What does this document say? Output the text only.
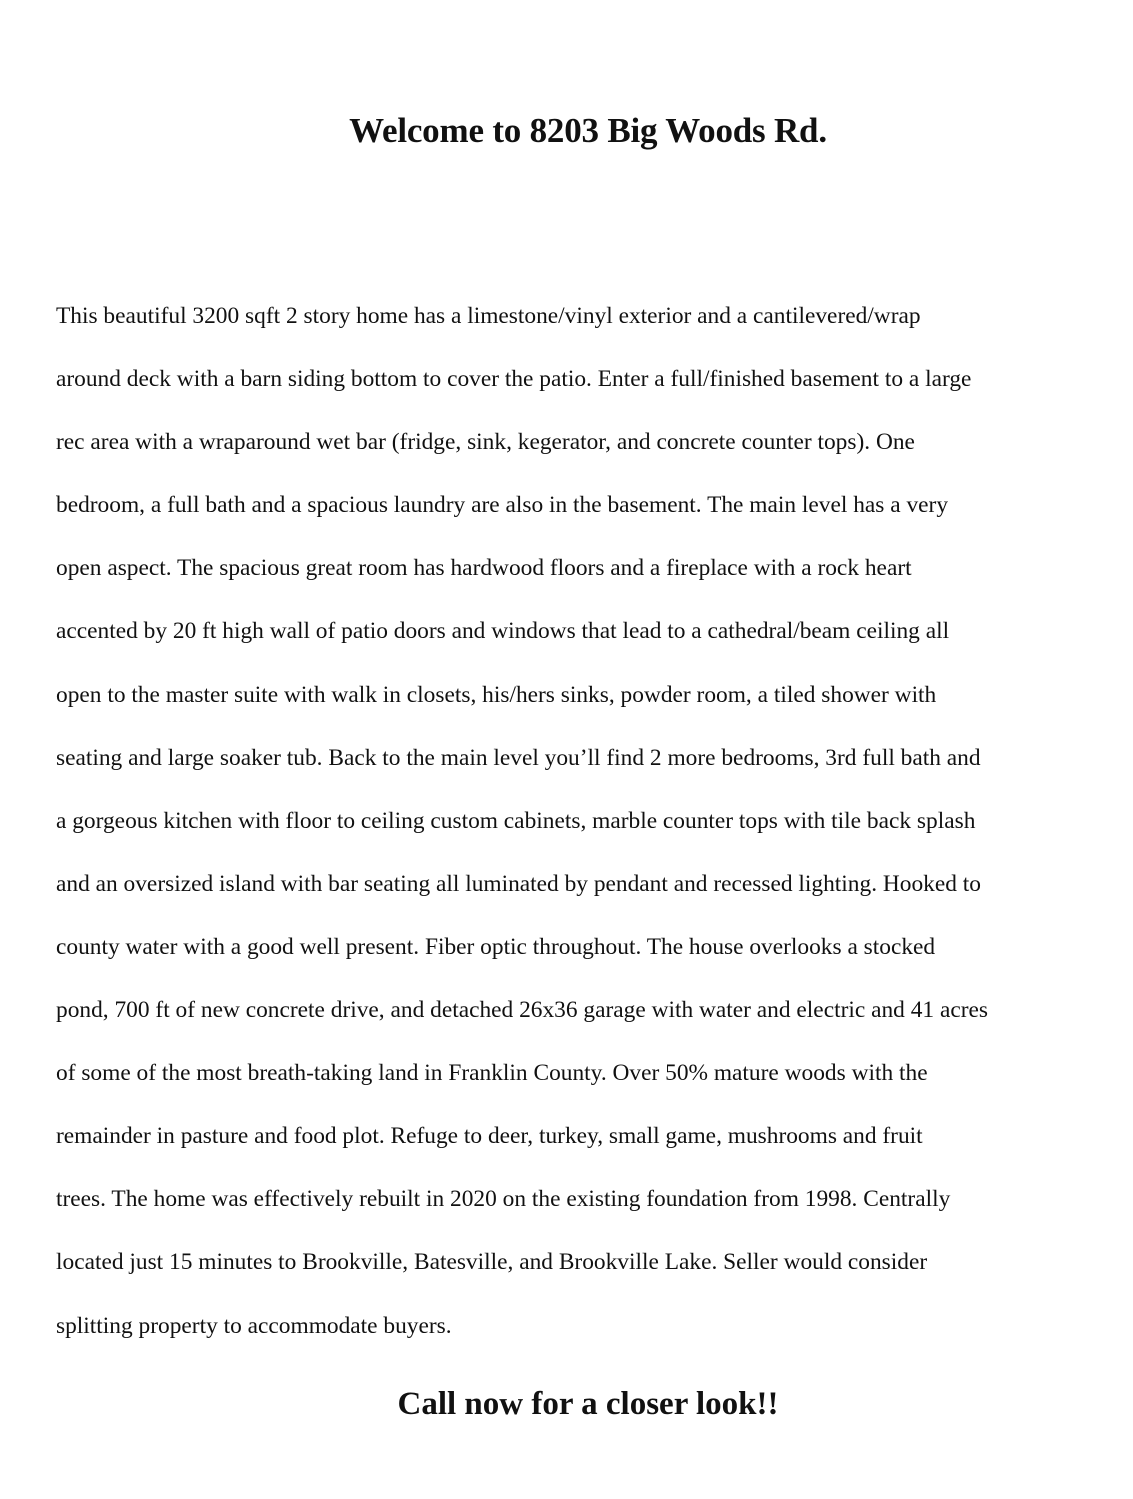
Welcome to 8203 Big Woods Rd.

This beautiful 3200 sqft 2 story home has a limestone/vinyl exterior and a cantilevered/wrap
around deck with a barn siding bottom to cover the patio. Enter a full/finished basement to a large
rec area with a wraparound wet bar (fridge, sink, kegerator, and concrete counter tops). One
bedroom, a full bath and a spacious laundry are also in the basement. The main level has a very
open aspect. The spacious great room has hardwood floors and a fireplace with a rock heart
accented by 20 ft high wall of patio doors and windows that lead to a cathedral/beam ceiling all
open to the master suite with walk in closets, his/hers sinks, powder room, a tiled shower with
seating and large soaker tub. Back to the main level you’ll find 2 more bedrooms, 3rd full bath and
a gorgeous kitchen with floor to ceiling custom cabinets, marble counter tops with tile back splash
and an oversized island with bar seating all luminated by pendant and recessed lighting. Hooked to
county water with a good well present. Fiber optic throughout. The house overlooks a stocked
pond, 700 ft of new concrete drive, and detached 26x36 garage with water and electric and 41 acres
of some of the most breath-taking land in Franklin County. Over 50% mature woods with the
remainder in pasture and food plot. Refuge to deer, turkey, small game, mushrooms and fruit
trees. The home was effectively rebuilt in 2020 on the existing foundation from 1998. Centrally
located just 15 minutes to Brookville, Batesville, and Brookville Lake. Seller would consider
splitting property to accommodate buyers.

Call now for a closer look!!
